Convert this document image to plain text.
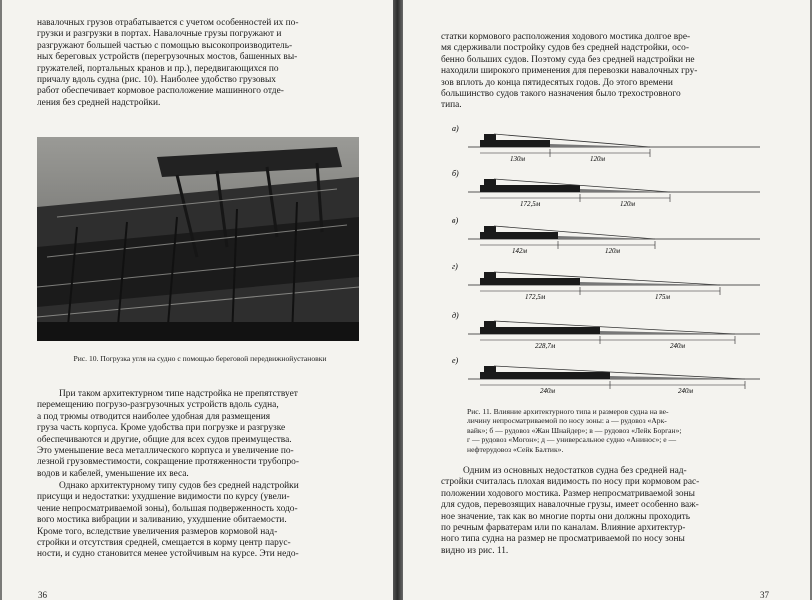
навалочных грузов отрабатывается с учетом особенностей их по-
грузки и разгрузки в портах. Навалочные грузы погружают и
разгружают большей частью с помощью высокопроизводитель-
ных береговых устройств (перегрузочных мостов, башенных вы-
гружателей, портальных кранов и пр.), передвигающихся по
причалу вдоль судна (рис. 10). Наиболее удобство грузовых
работ обеспечивает кормовое расположение машинного отде-
ления без средней надстройки.
Рис. 10. Погрузка угля на судно с помощью береговой передвижнойустановки
При таком архитектурном типе надстройка не препятствует
перемещению погрузо-разгрузочных устройств вдоль судна,
а под трюмы отводится наиболее удобная для размещения
груза часть корпуса. Кроме удобства при погрузке и разгрузке
обеспечиваются и другие, общие для всех судов преимущества.
Это уменьшение веса металлического корпуса и увеличение по-
лезной грузовместимости, сокращение протяженности трубопро-
водов и кабелей, уменьшение их веса.
Однако архитектурному типу судов без средней надстройки
присущи и недостатки: ухудшение видимости по курсу (увели-
чение непросматриваемой зоны), большая подверженность ходо-
вого мостика вибрации и заливанию, ухудшение обитаемости.
Кроме того, вследствие увеличения размеров кормовой над-
стройки и отсутствия средней, смещается в корму центр парус-
ности, и судно становится менее устойчивым на курсе. Эти недо-
36
статки кормового расположения ходового мостика долгое вре-
мя сдерживали постройку судов без средней надстройки, осо-
бенно больших судов. Поэтому суда без средней надстройки не
находили широкого применения для перевозки навалочных гру-
зов вплоть до конца пятидесятых годов. До этого времени
большинство судов такого назначения было трехостровного
типа.
а)
130м	120м
б)
172,5м	120м
в)
142м	120м
г)
172,5м	175м
д)
228,7м	240м
е)
240м	240м
Рис. 11. Влияние архитектурного типа и размеров судна на ве-
личину непросматриваемой по носу зоны: а — рудовоз «Арк-
вайк»; б — рудовоз «Жан Шнайдер»; в — рудовоз «Лейк Борган»;
г — рудовоз «Могон»; д — универсальное судно «Анинос»; е —
нефтерудовоз «Сейк Балтик».
Одним из основных недостатков судна без средней над-
стройки считалась плохая видимость по носу при кормовом рас-
положении ходового мостика. Размер непросматриваемой зоны
для судов, перевозящих навалочные грузы, имеет особенно важ-
ное значение, так как во многие порты они должны проходить
по речным фарватерам или по каналам. Влияние архитектур-
ного типа судна на размер не просматриваемой по носу зоны
видно из рис. 11.
37
